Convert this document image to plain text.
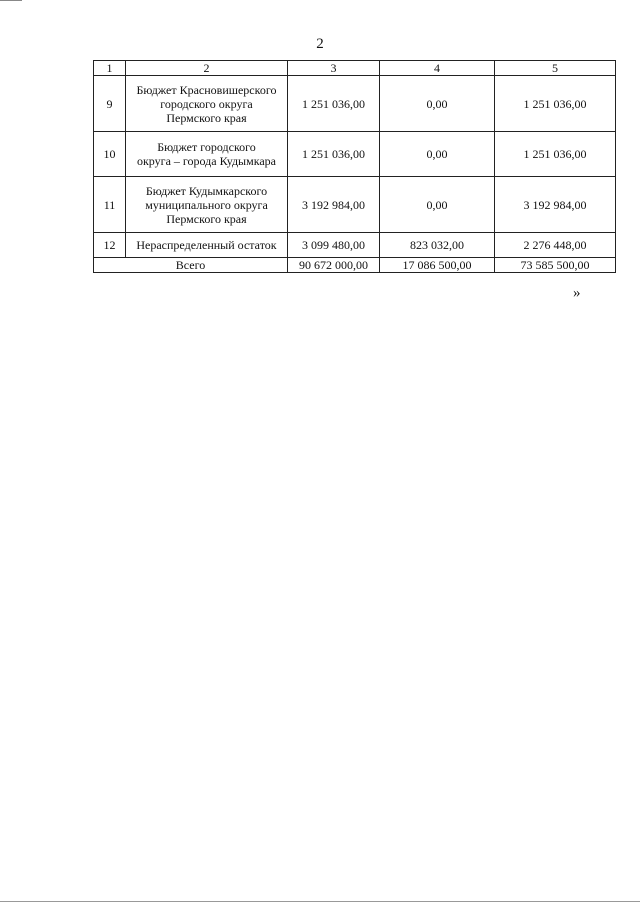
2
1	2	3	4	5
9	Бюджет Красновишерского
городского округа
Пермского края	1 251 036,00	0,00	1 251 036,00
10	Бюджет городского
округа – города Кудымкара	1 251 036,00	0,00	1 251 036,00
11	Бюджет Кудымкарского
муниципального округа
Пермского края	3 192 984,00	0,00	3 192 984,00
12	Нераспределенный остаток	3 099 480,00	823 032,00	2 276 448,00
Всего		90 672 000,00	17 086 500,00	73 585 500,00
»
